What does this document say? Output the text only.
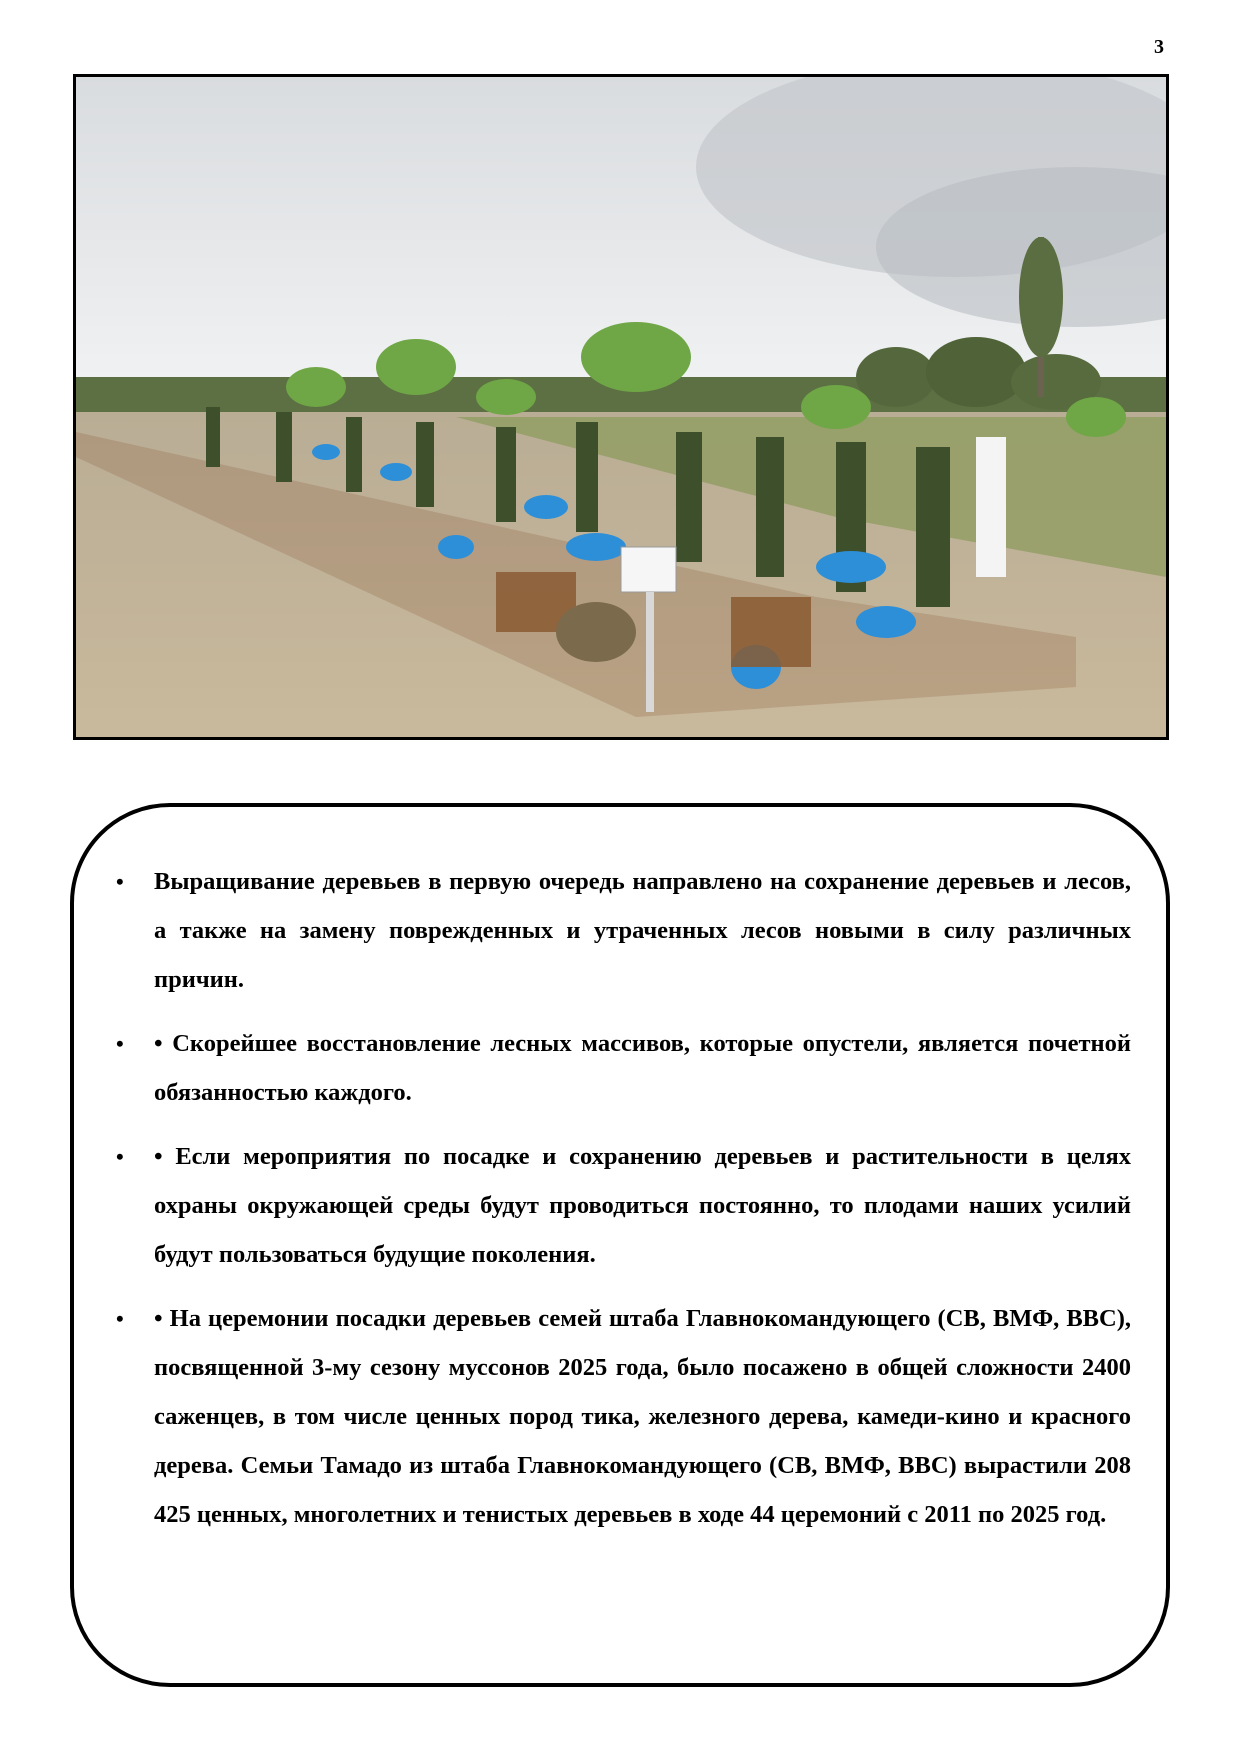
3
• Выращивание деревьев в первую очередь направлено на сохранение деревьев и лесов, а также на замену поврежденных и утраченных лесов новыми в силу различных причин.
• • Скорейшее восстановление лесных массивов, которые опустели, является почетной обязанностью каждого.
• • Если мероприятия по посадке и сохранению деревьев и растительности в целях охраны окружающей среды будут проводиться постоянно, то плодами наших усилий будут пользоваться будущие поколения.
• • На церемонии посадки деревьев семей штаба Главнокомандующего (СВ, ВМФ, ВВС), посвященной 3-му сезону муссонов 2025 года, было посажено в общей сложности 2400 саженцев, в том числе ценных пород тика, железного дерева, камеди-кино и красного дерева. Семьи Тамадо из штаба Главнокомандующего (СВ, ВМФ, ВВС) вырастили 208 425 ценных, многолетних и тенистых деревьев в ходе 44 церемоний с 2011 по 2025 год.
